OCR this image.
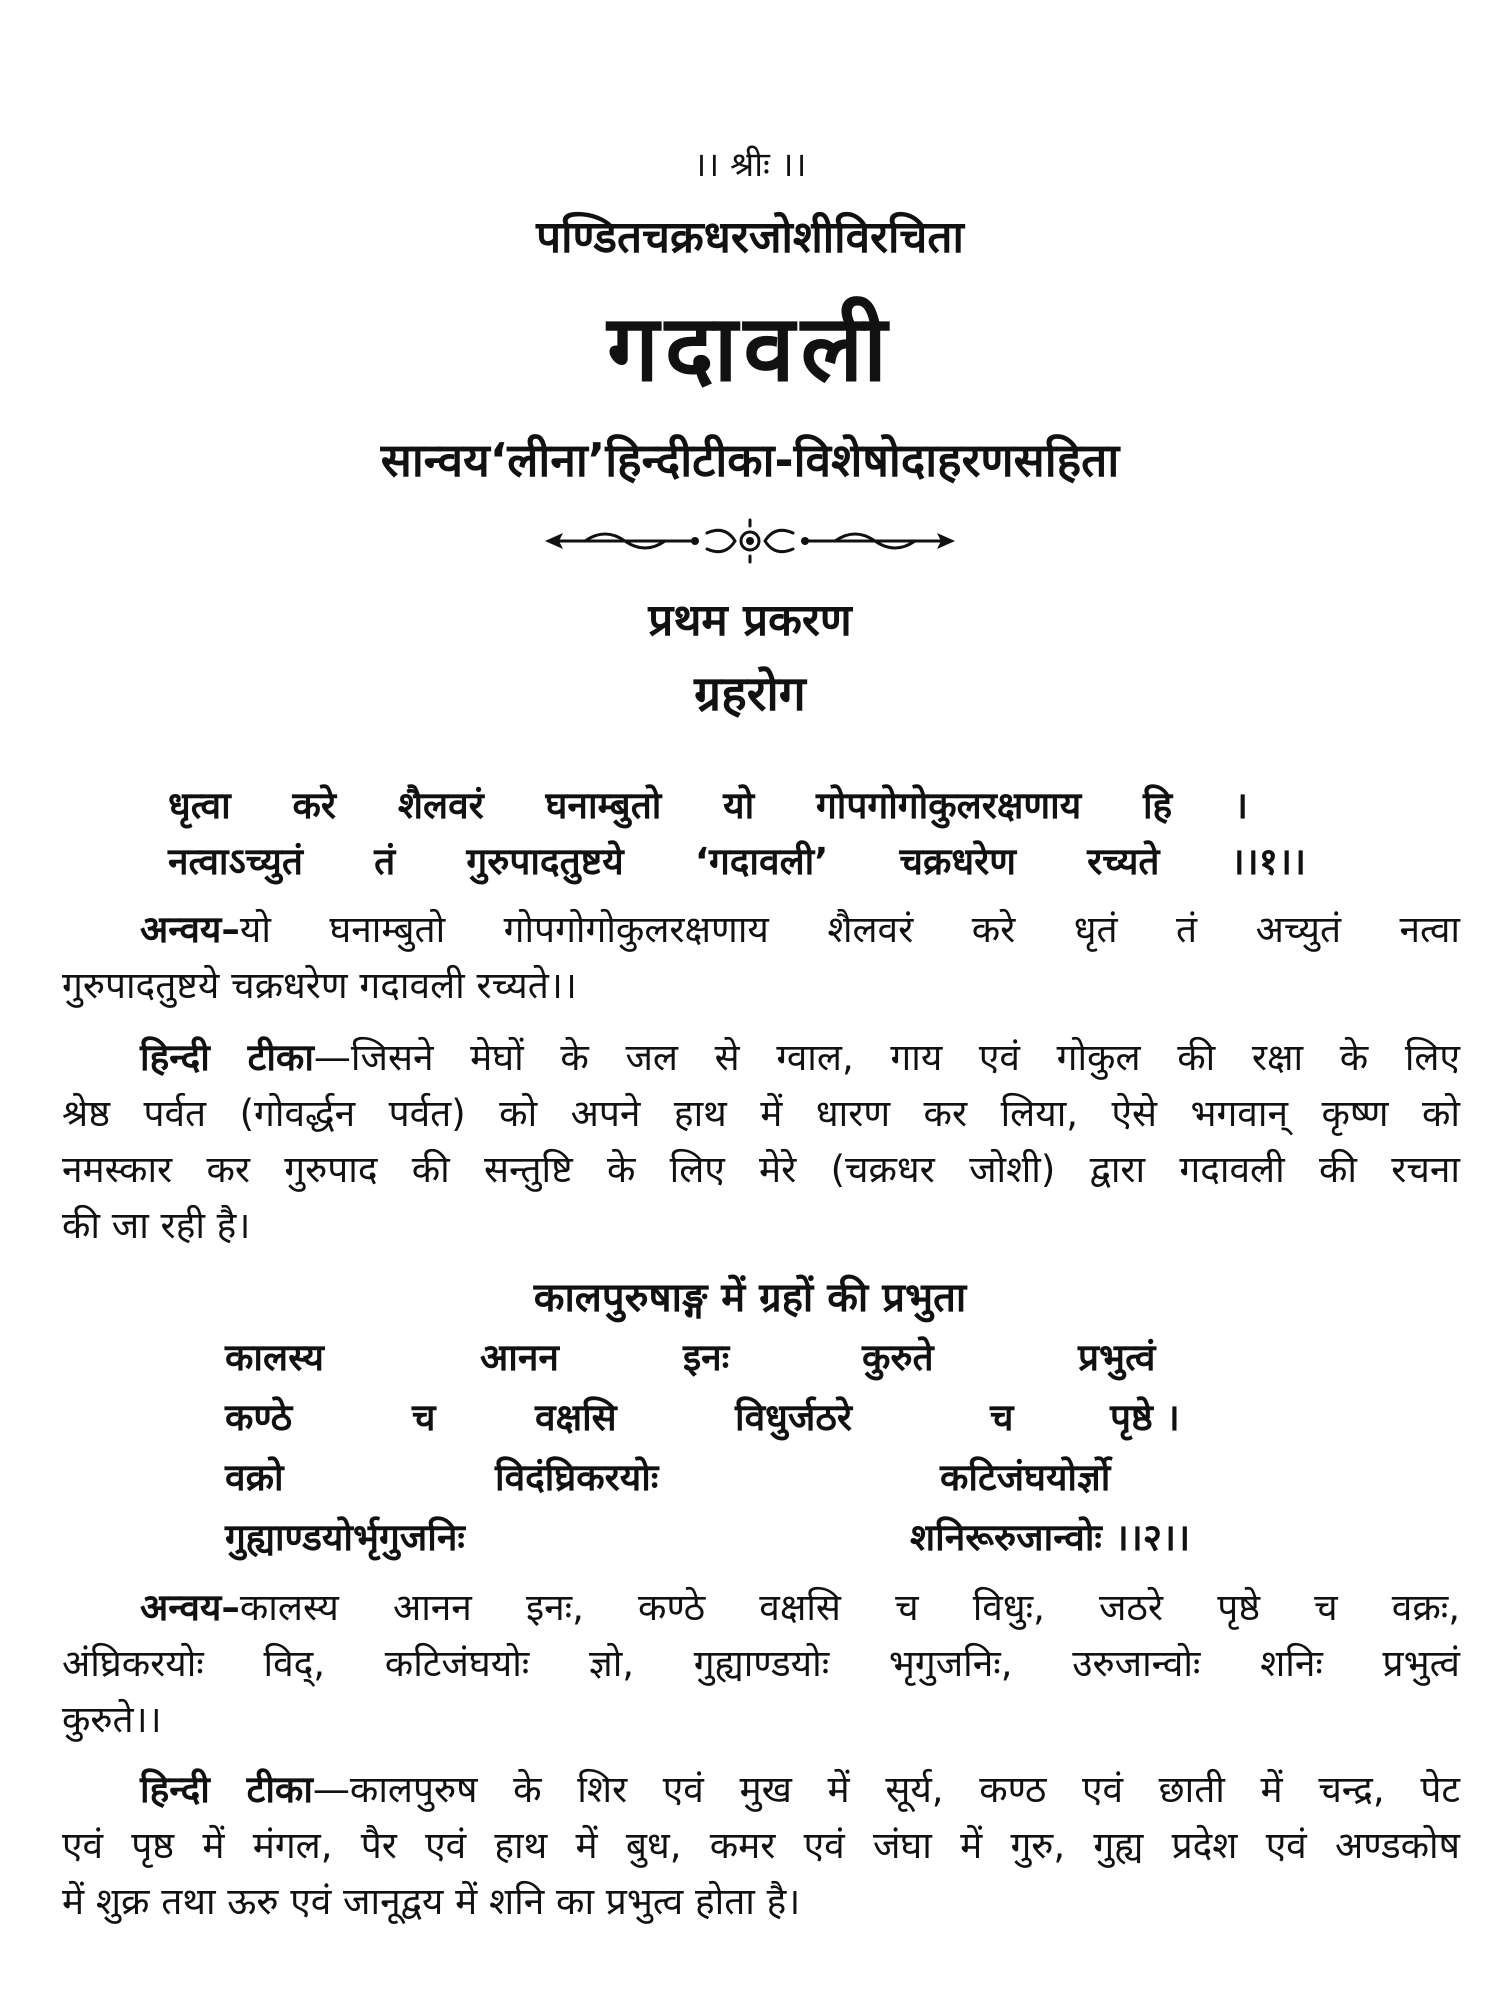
।। श्रीः ।।
पण्डितचक्रधरजोशीविरचिता
गदावली
सान्वय‘लीना’हिन्दीटीका-विशेषोदाहरणसहिता
प्रथम प्रकरण
ग्रहरोग
धृत्वा करे शैलवरं घनाम्बुतो यो गोपगोगोकुलरक्षणाय हि ।
नत्वाऽच्युतं तं गुरुपादतुष्टये ‘गदावली’ चक्रधरेण रच्यते ।।१।।
अन्वय–यो घनाम्बुतो गोपगोगोकुलरक्षणाय शैलवरं करे धृतं तं अच्युतं नत्वा
गुरुपादतुष्टये चक्रधरेण गदावली रच्यते।।
हिन्दी टीका—जिसने मेघों के जल से ग्वाल, गाय एवं गोकुल की रक्षा के लिए
श्रेष्ठ पर्वत (गोवर्द्धन पर्वत) को अपने हाथ में धारण कर लिया, ऐसे भगवान् कृष्ण को
नमस्कार कर गुरुपाद की सन्तुष्टि के लिए मेरे (चक्रधर जोशी) द्वारा गदावली की रचना
की जा रही है।
कालपुरुषाङ्ग में ग्रहों की प्रभुता
कालस्य	आनन	इनः	कुरुते	प्रभुत्वं
कण्ठे	च	वक्षसि	विधुर्जठरे	च	पृष्ठे ।
वक्रो	विदंघ्रिकरयोः	कटिजंघयोर्ज्ञो
गुह्याण्डयोर्भृगुजनिः	शनिरूरुजान्वोः ।।२।।
अन्वय–कालस्य आनन इनः, कण्ठे वक्षसि च विधुः, जठरे पृष्ठे च वक्रः,
अंघ्रिकरयोः विद्, कटिजंघयोः ज्ञो, गुह्याण्डयोः भृगुजनिः, उरुजान्वोः शनिः प्रभुत्वं
कुरुते।।
हिन्दी टीका—कालपुरुष के शिर एवं मुख में सूर्य, कण्ठ एवं छाती में चन्द्र, पेट
एवं पृष्ठ में मंगल, पैर एवं हाथ में बुध, कमर एवं जंघा में गुरु, गुह्य प्रदेश एवं अण्डकोष
में शुक्र तथा ऊरु एवं जानूद्वय में शनि का प्रभुत्व होता है।
